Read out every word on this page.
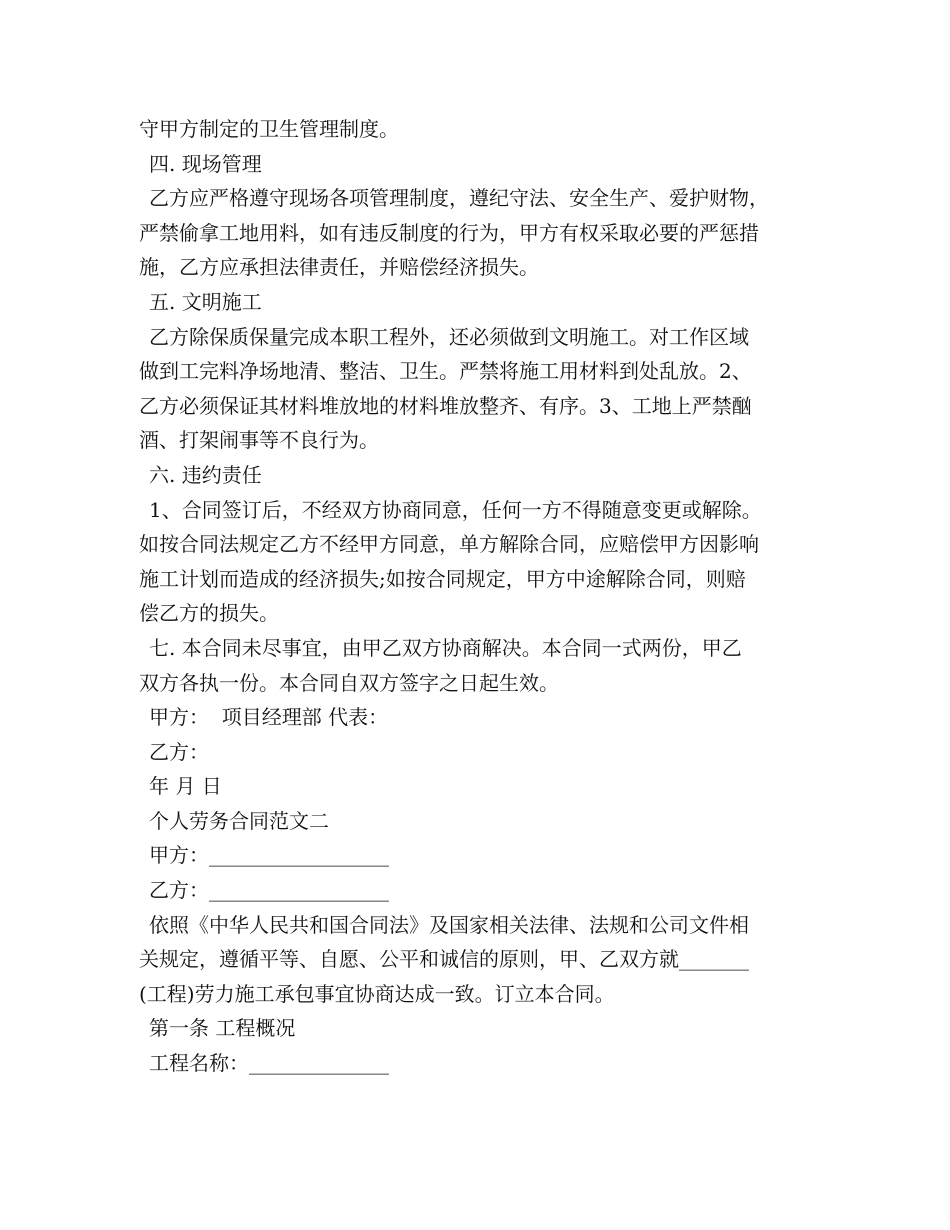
守甲方制定的卫生管理制度。
四. 现场管理
乙方应严格遵守现场各项管理制度，遵纪守法、安全生产、爱护财物，
严禁偷拿工地用料，如有违反制度的行为，甲方有权采取必要的严惩措
施，乙方应承担法律责任，并赔偿经济损失。
五. 文明施工
乙方除保质保量完成本职工程外，还必须做到文明施工。对工作区域
做到工完料净场地清、整洁、卫生。严禁将施工用材料到处乱放。2、
乙方必须保证其材料堆放地的材料堆放整齐、有序。3、工地上严禁酗
酒、打架闹事等不良行为。
六. 违约责任
1、合同签订后，不经双方协商同意，任何一方不得随意变更或解除。
如按合同法规定乙方不经甲方同意，单方解除合同，应赔偿甲方因影响
施工计划而造成的经济损失;如按合同规定，甲方中途解除合同，则赔
偿乙方的损失。
七. 本合同未尽事宜，由甲乙双方协商解决。本合同一式两份，甲乙
双方各执一份。本合同自双方签字之日起生效。
甲方：  项目经理部 代表：
乙方：
年 月 日
个人劳务合同范文二
甲方：__________________
乙方：__________________
依照《中华人民共和国合同法》及国家相关法律、法规和公司文件相
关规定，遵循平等、自愿、公平和诚信的原则，甲、乙双方就_______
(工程)劳力施工承包事宜协商达成一致。订立本合同。
第一条 工程概况
工程名称：______________
